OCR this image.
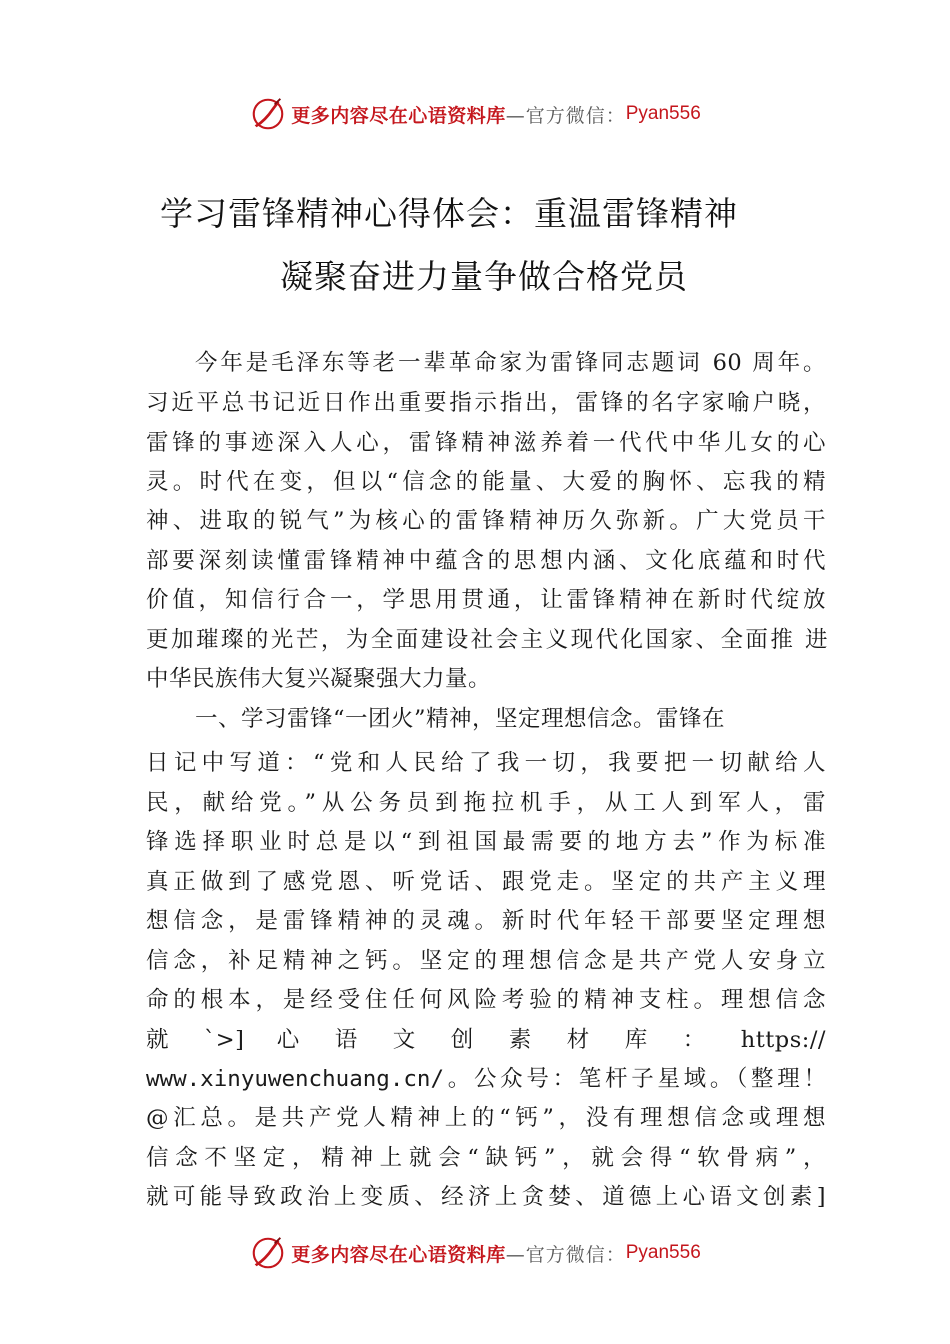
更多内容尽在心语资料库 —官方微信： Pyan556
学习雷锋精神心得体会：重温雷锋精神
凝聚奋进力量争做合格党员
今年是毛泽东等老一辈革命家为雷锋同志题词 60 周年。
习近平总书记近日作出重要指示指出，雷锋的名字家喻户晓，
雷锋的事迹深入人心，雷锋精神滋养着一代代中华儿女的心
灵。时代在变，但以“信念的能量、大爱的胸怀、忘我的精
神、进取的锐气”为核心的雷锋精神历久弥新。广大党员干
部要深刻读懂雷锋精神中蕴含的思想内涵、文化底蕴和时代
价值，知信行合一，学思用贯通，让雷锋精神在新时代绽放
更加璀璨的光芒，为全面建设社会主义现代化国家、全面推 进
中华民族伟大复兴凝聚强大力量。
一、学习雷锋“一团火”精神，坚定理想信念。雷锋在
日记中写道：“党和人民给了我一切，我要把一切献给人
民，献给党。”从公务员到拖拉机手，从工人到军人，雷
锋选择职业时总是以“到祖国最需要的地方去”作为标准
真正做到了感党恩、听党话、跟党走。坚定的共产主义理
想信念，是雷锋精神的灵魂。新时代年轻干部要坚定理想
信念，补足精神之钙。坚定的理想信念是共产党人安身立
命的根本，是经受住任何风险考验的精神支柱。理想信念
就 `>] 心 语 文 创 素 材 库 ： https://
www.xinyuwenchuang.cn/。公众号：笔杆子星域。（整理！
@汇总。是共产党人精神上的“钙”，没有理想信念或理想
信念不坚定，精神上就会“缺钙”，就会得“软骨病”，
就可能导致政治上变质、经济上贪婪、道德上心语文创素]
更多内容尽在心语资料库 —官方微信： Pyan556
